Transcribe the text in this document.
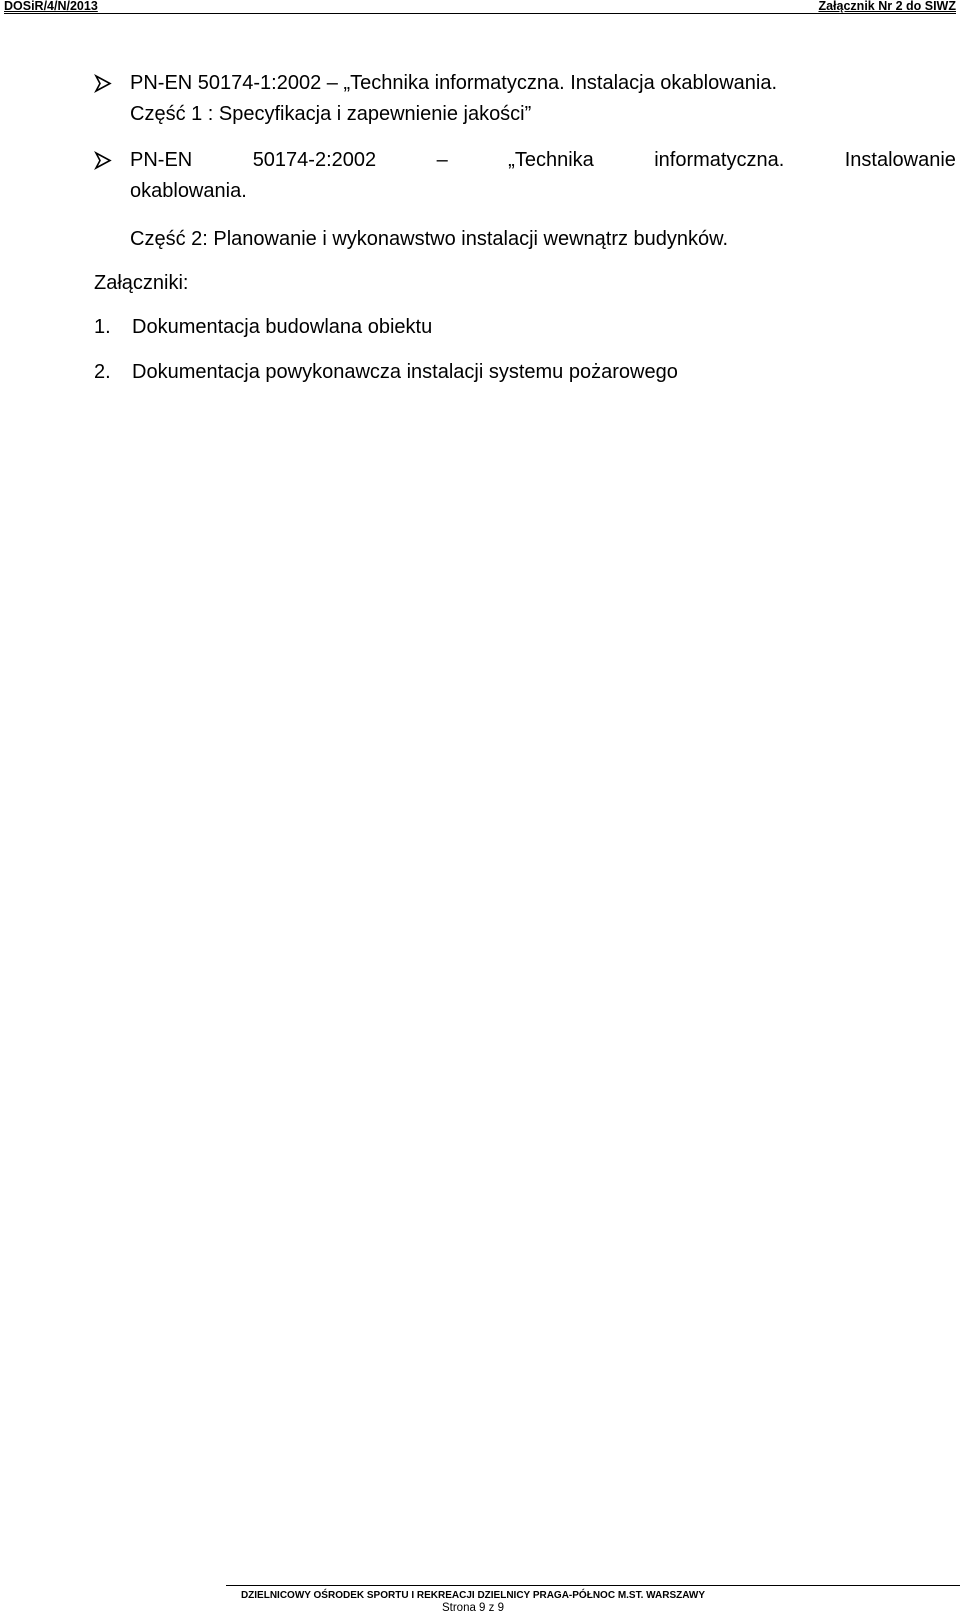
DOSiR/4/N/2013	Załącznik Nr 2 do SIWZ
PN-EN 50174-1:2002 – „Technika informatyczna. Instalacja okablowania.
Część 1 : Specyfikacja i zapewnienie jakości”
PN-EN	50174-2:2002	–	„Technika	informatyczna.	Instalowanie
okablowania.
Część 2: Planowanie i wykonawstwo instalacji wewnątrz budynków.
Załączniki:
1. Dokumentacja budowlana obiektu
2. Dokumentacja powykonawcza instalacji systemu pożarowego
DZIELNICOWY OŚRODEK SPORTU I REKREACJI DZIELNICY PRAGA-PÓŁNOC M.ST. WARSZAWY
Strona 9 z 9
